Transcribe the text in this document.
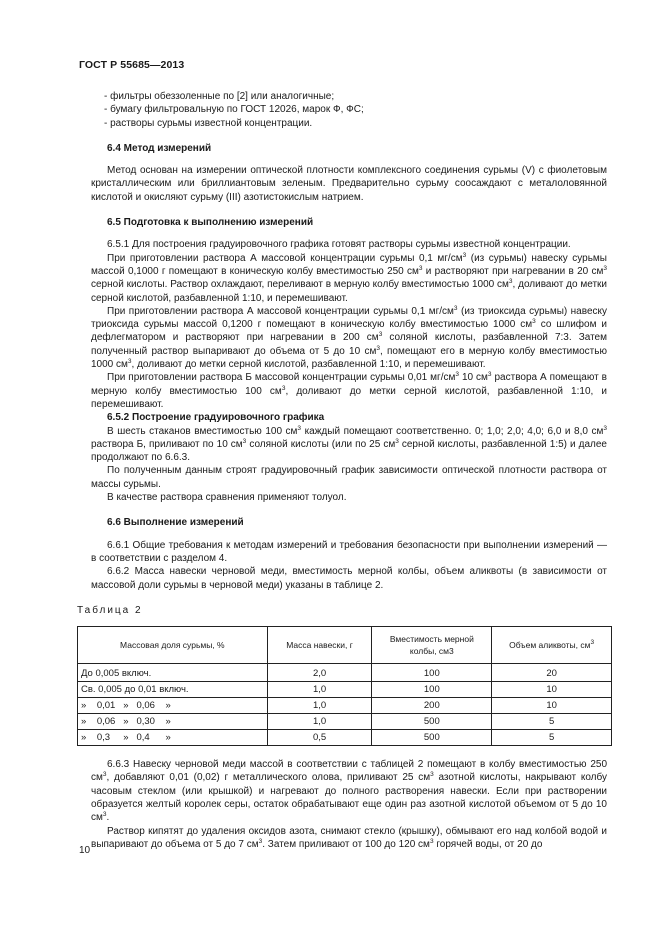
ГОСТ Р 55685—2013

- фильтры обеззоленные по [2] или аналогичные;

- бумагу фильтровальную по ГОСТ 12026, марок Ф, ФС;

- растворы сурьмы известной концентрации.

6.4 Метод измерений

Метод основан на измерении оптической плотности комплексного соединения сурьмы (V) с фиолетовым кристаллическим или бриллиантовым зеленым. Предварительно сурьму соосаждают с металоловянной кислотой и окисляют сурьму (III) азотистокислым натрием.

6.5 Подготовка к выполнению измерений

6.5.1 Для построения градуировочного графика готовят растворы сурьмы известной концентрации.

При приготовлении раствора А массовой концентрации сурьмы 0,1 $мг/см^3$ (из сурьмы) навеску сурьмы массой 0,1000 г помещают в коническую колбу вместимостью 250 $см^3$ и растворяют при нагревании в 20 $см^3$ серной кислоты. Раствор охлаждают, переливают в мерную колбу вместимостью 1000 $см^3$, доливают до метки серной кислотой, разбавленной 1:10, и перемешивают.

При приготовлении раствора А массовой концентрации сурьмы 0,1 $мг/см^3$ (из триоксида сурьмы) навеску триоксида сурьмы массой 0,1200 г помещают в коническую колбу вместимостью 1000 $см^3$ со шлифом и дефлегматором и растворяют при нагревании в 200 $см^3$ соляной кислоты, разбавленной 7:3. Затем полученный раствор выпаривают до объема от 5 до 10 $см^3$, помещают его в мерную колбу вместимостью 1000 $см^3$, доливают до метки серной кислотой, разбавленной 1:10, и перемешивают.

При приготовлении раствора Б массовой концентрации сурьмы 0,01 $мг/см^3$ 10 $см^3$ раствора А помещают в мерную колбу вместимостью 100 $см^3$, доливают до метки серной кислотой, разбавленной 1:10, и перемешивают.

6.5.2 Построение градуировочного графика

В шесть стаканов вместимостью 100 $см^3$ каждый помещают соответственно. 0; 1,0; 2,0; 4,0; 6,0 и 8,0 $см^3$ раствора Б, приливают по 10 $см^3$ соляной кислоты (или по 25 $см^3$ серной кислоты, разбавленной 1:5) и далее продолжают по 6.6.3.

По полученным данным строят градуировочный график зависимости оптической плотности раствора от массы сурьмы.

В качестве раствора сравнения применяют толуол.

6.6 Выполнение измерений

6.6.1 Общие требования к методам измерений и требования безопасности при выполнении измерений — в соответствии с разделом 4.

6.6.2 Масса навески черновой меди, вместимость мерной колбы, объем аликвоты (в зависимости от массовой доли сурьмы в черновой меди) указаны в таблице 2.

Таблица 2

Массовая доля сурьмы, %	Масса навески, г	Вместимость мерной колбы, см3	Объем аликвоты, $см^3$
До 0,005 включ.	2,0	100	20
Св. 0,005 до 0,01 включ.	1,0	100	10
»    0,01   »   0,06    »	1,0	200	10
»    0,06   »   0,30    »	1,0	500	5
»    0,3     »   0,4      »	0,5	500	5

6.6.3 Навеску черновой меди массой в соответствии с таблицей 2 помещают в колбу вместимостью 250 $см^3$, добавляют 0,01 (0,02) г металлического олова, приливают 25 $см^3$ азотной кислоты, накрывают колбу часовым стеклом (или крышкой) и нагревают до полного растворения навески. Если при растворении образуется желтый королек серы, остаток обрабатывают еще один раз азотной кислотой объемом от 5 до 10 $см^3$.

Раствор кипятят до удаления оксидов азота, снимают стекло (крышку), обмывают его над колбой водой и выпаривают до объема от 5 до 7 $см^3$. Затем приливают от 100 до 120 $см^3$ горячей воды, от 20 до

10
